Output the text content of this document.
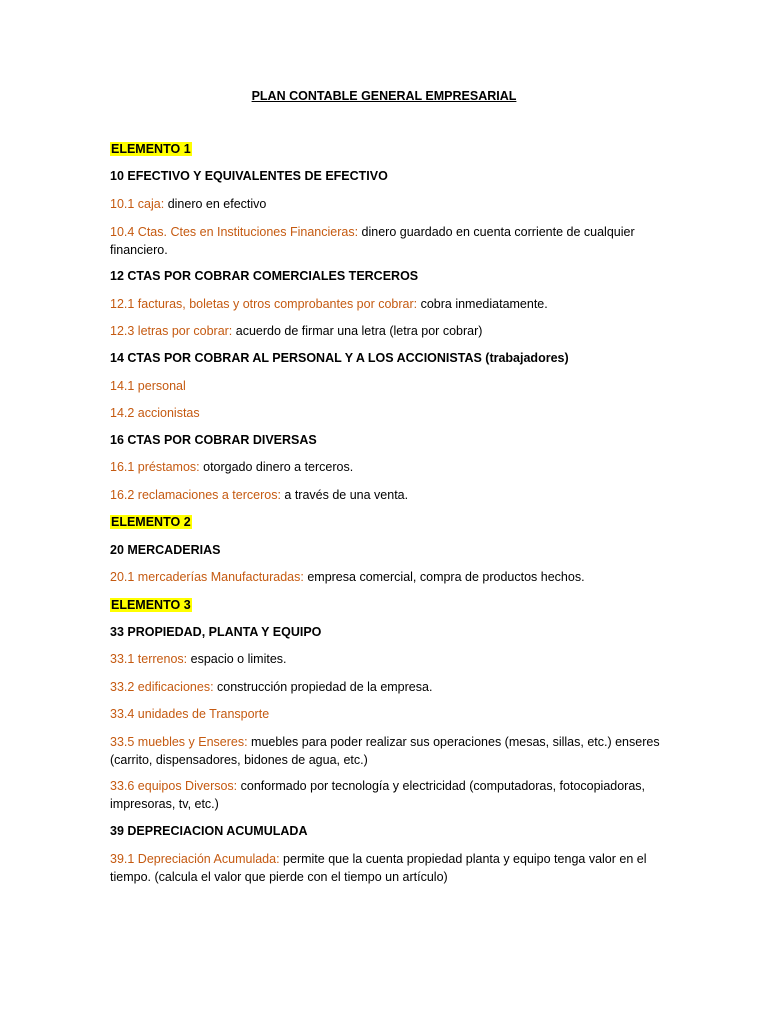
PLAN CONTABLE GENERAL EMPRESARIAL

ELEMENTO 1

10 EFECTIVO Y EQUIVALENTES DE EFECTIVO

10.1 caja: dinero en efectivo

10.4 Ctas. Ctes en Instituciones Financieras: dinero guardado en cuenta corriente de cualquier financiero.

12 CTAS POR COBRAR COMERCIALES TERCEROS

12.1 facturas, boletas y otros comprobantes por cobrar: cobra inmediatamente.

12.3 letras por cobrar: acuerdo de firmar una letra (letra por cobrar)

14 CTAS POR COBRAR AL PERSONAL Y A LOS ACCIONISTAS (trabajadores)

14.1 personal

14.2 accionistas

16 CTAS POR COBRAR DIVERSAS

16.1 préstamos: otorgado dinero a terceros.

16.2 reclamaciones a terceros: a través de una venta.

ELEMENTO 2

20 MERCADERIAS

20.1 mercaderías Manufacturadas: empresa comercial, compra de productos hechos.

ELEMENTO 3

33 PROPIEDAD, PLANTA Y EQUIPO

33.1 terrenos: espacio o limites.

33.2 edificaciones: construcción propiedad de la empresa.

33.4 unidades de Transporte

33.5 muebles y Enseres: muebles para poder realizar sus operaciones (mesas, sillas, etc.) enseres (carrito, dispensadores, bidones de agua, etc.)

33.6 equipos Diversos: conformado por tecnología y electricidad (computadoras, fotocopiadoras, impresoras, tv, etc.)

39 DEPRECIACION ACUMULADA

39.1 Depreciación Acumulada: permite que la cuenta propiedad planta y equipo tenga valor en el tiempo. (calcula el valor que pierde con el tiempo un artículo)
